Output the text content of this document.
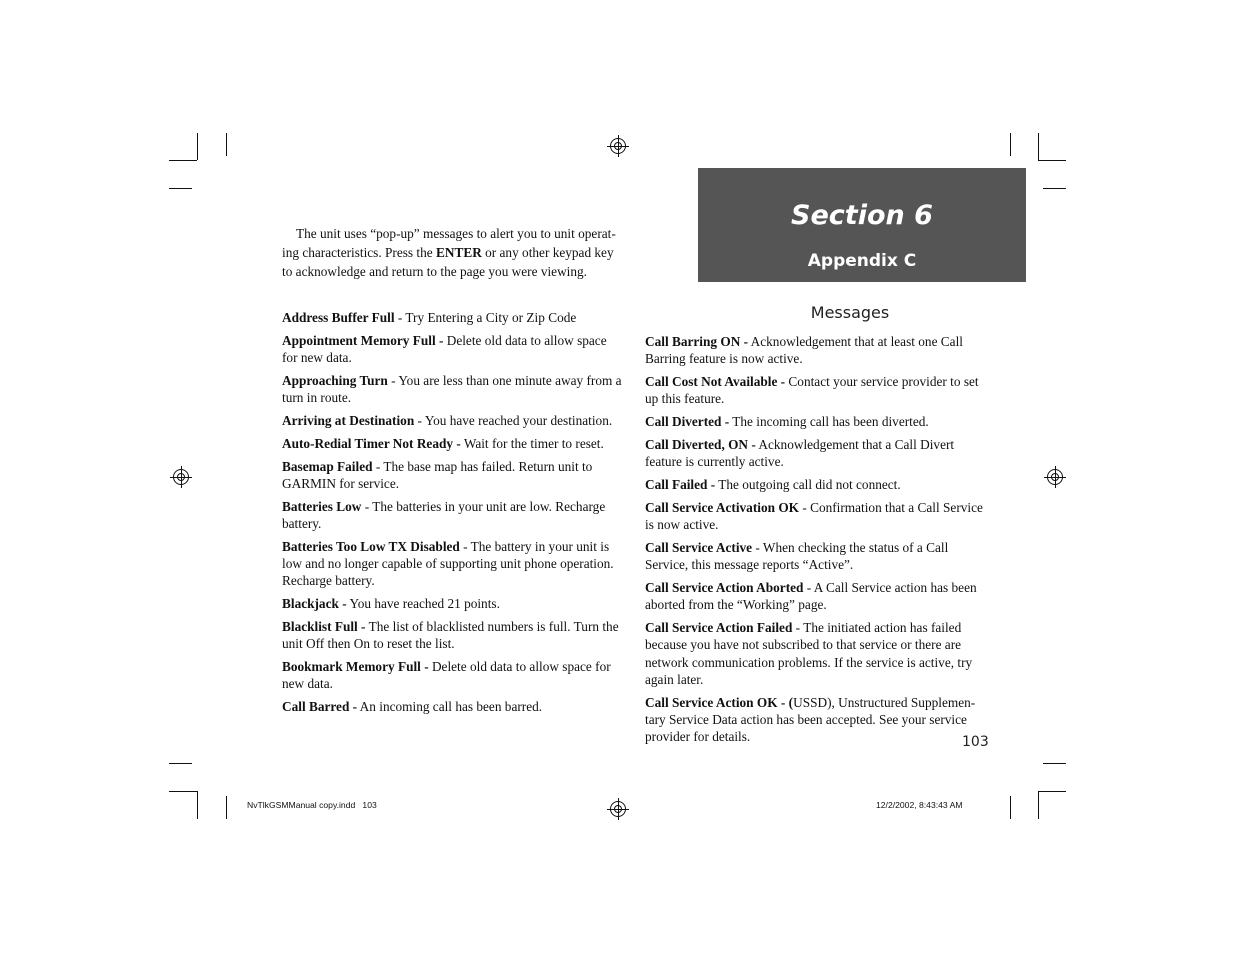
Section 6
Appendix C
The unit uses “pop-up” messages to alert you to unit operat-ing characteristics. Press the ENTER or any other keypad key to acknowledge and return to the page you were viewing.
Messages
Address Buffer Full - Try Entering a City or Zip Code
Appointment Memory Full - Delete old data to allow space for new data.
Approaching Turn - You are less than one minute away from a turn in route.
Arriving at Destination - You have reached your destination.
Auto-Redial Timer Not Ready - Wait for the timer to reset.
Basemap Failed - The base map has failed. Return unit to GARMIN for service.
Batteries Low - The batteries in your unit are low. Recharge battery.
Batteries Too Low TX Disabled - The battery in your unit is low and no longer capable of supporting unit phone operation. Recharge battery.
Blackjack - You have reached 21 points.
Blacklist Full - The list of blacklisted numbers is full. Turn the unit Off then On to reset the list.
Bookmark Memory Full - Delete old data to allow space for new data.
Call Barred - An incoming call has been barred.
Call Barring ON - Acknowledgement that at least one Call Barring feature is now active.
Call Cost Not Available - Contact your service provider to set up this feature.
Call Diverted - The incoming call has been diverted.
Call Diverted, ON - Acknowledgement that a Call Divert feature is currently active.
Call Failed - The outgoing call did not connect.
Call Service Activation OK - Confirmation that a Call Service is now active.
Call Service Active - When checking the status of a Call Service, this message reports “Active”.
Call Service Action Aborted - A Call Service action has been aborted from the “Working” page.
Call Service Action Failed - The initiated action has failed because you have not subscribed to that service or there are network communication problems. If the service is active, try again later.
Call Service Action OK - (USSD), Unstructured Supplemen-tary Service Data action has been accepted. See your service provider for details.	103
NvTlkGSMManual copy.indd   103	12/2/2002, 8:43:43 AM
